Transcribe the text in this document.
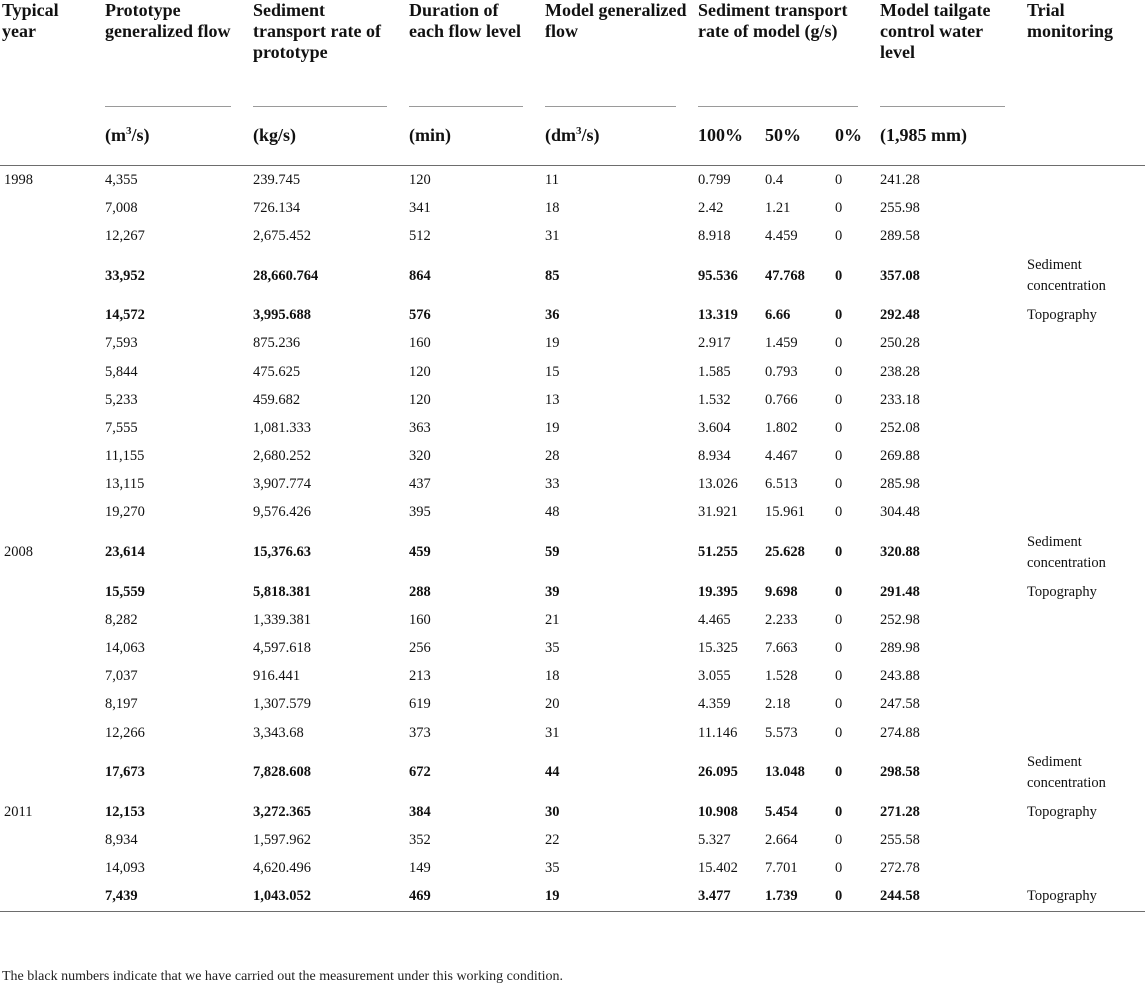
Typical year	Prototype generalized flow	Sediment transport rate of prototype	Duration of each flow level	Model generalized flow	Sediment transport rate of model (g/s)			Model tailgate control water level	Trial monitoring
	$(m^3/s)$	(kg/s)	(min)	$(dm^3/s)$	100%	50%	0%	(1,985 mm)	
1998	4,355	239.745	120	11	0.799	0.4	0	241.28	
	7,008	726.134	341	18	2.42	1.21	0	255.98	
	12,267	2,675.452	512	31	8.918	4.459	0	289.58	
	33,952	28,660.764	864	85	95.536	47.768	0	357.08	Sediment concentration
	14,572	3,995.688	576	36	13.319	6.66	0	292.48	Topography
	7,593	875.236	160	19	2.917	1.459	0	250.28	
	5,844	475.625	120	15	1.585	0.793	0	238.28	
	5,233	459.682	120	13	1.532	0.766	0	233.18	
	7,555	1,081.333	363	19	3.604	1.802	0	252.08	
	11,155	2,680.252	320	28	8.934	4.467	0	269.88	
	13,115	3,907.774	437	33	13.026	6.513	0	285.98	
	19,270	9,576.426	395	48	31.921	15.961	0	304.48	
2008	23,614	15,376.63	459	59	51.255	25.628	0	320.88	Sediment concentration
	15,559	5,818.381	288	39	19.395	9.698	0	291.48	Topography
	8,282	1,339.381	160	21	4.465	2.233	0	252.98	
	14,063	4,597.618	256	35	15.325	7.663	0	289.98	
	7,037	916.441	213	18	3.055	1.528	0	243.88	
	8,197	1,307.579	619	20	4.359	2.18	0	247.58	
	12,266	3,343.68	373	31	11.146	5.573	0	274.88	
	17,673	7,828.608	672	44	26.095	13.048	0	298.58	Sediment concentration
2011	12,153	3,272.365	384	30	10.908	5.454	0	271.28	Topography
	8,934	1,597.962	352	22	5.327	2.664	0	255.58	
	14,093	4,620.496	149	35	15.402	7.701	0	272.78	
	7,439	1,043.052	469	19	3.477	1.739	0	244.58	Topography
The black numbers indicate that we have carried out the measurement under this working condition.
